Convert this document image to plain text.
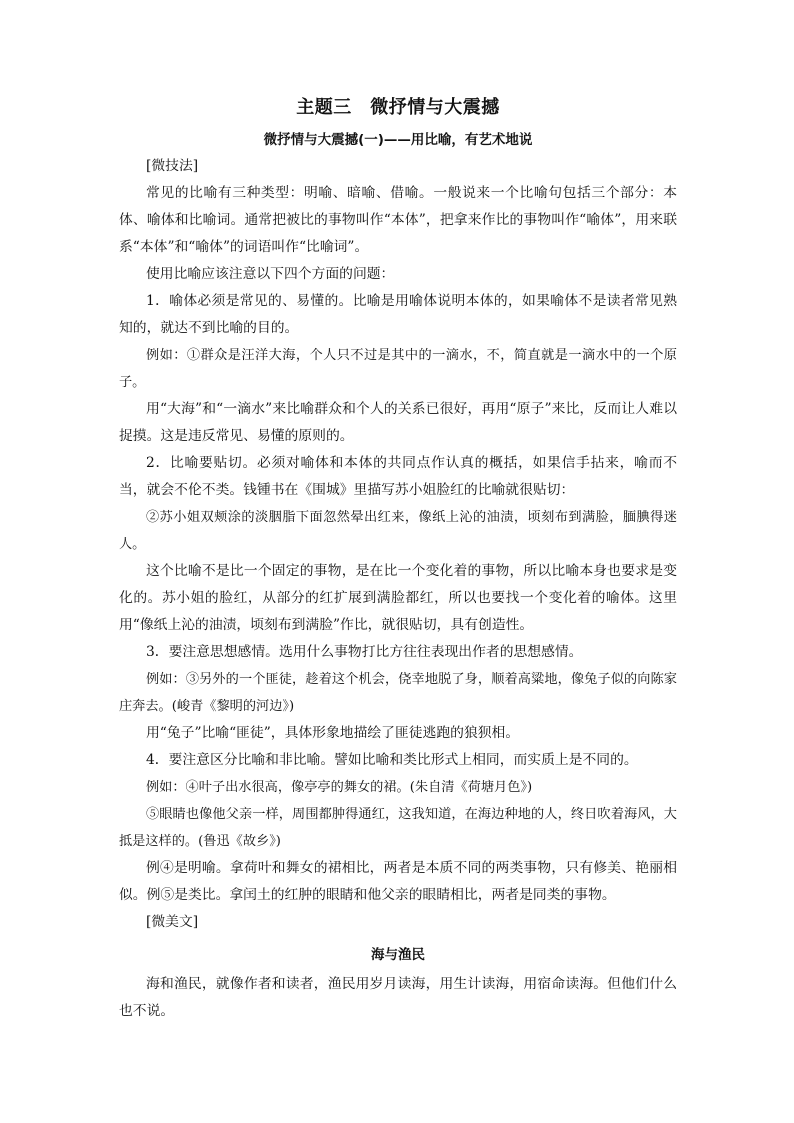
主题三　微抒情与大震撼
微抒情与大震撼(一)——用比喻，有艺术地说

[微技法]

常见的比喻有三种类型：明喻、暗喻、借喻。一般说来一个比喻句包括三个部分：本体、喻体和比喻词。通常把被比的事物叫作“本体”，把拿来作比的事物叫作“喻体”，用来联系“本体”和“喻体”的词语叫作“比喻词”。

使用比喻应该注意以下四个方面的问题：

1．喻体必须是常见的、易懂的。比喻是用喻体说明本体的，如果喻体不是读者常见熟知的，就达不到比喻的目的。

例如：①群众是汪洋大海，个人只不过是其中的一滴水，不，简直就是一滴水中的一个原子。

用“大海”和“一滴水”来比喻群众和个人的关系已很好，再用“原子”来比，反而让人难以捉摸。这是违反常见、易懂的原则的。

2．比喻要贴切。必须对喻体和本体的共同点作认真的概括，如果信手拈来，喻而不当，就会不伦不类。钱锺书在《围城》里描写苏小姐脸红的比喻就很贴切：

②苏小姐双颊涂的淡胭脂下面忽然晕出红来，像纸上沁的油渍，顷刻布到满脸，腼腆得迷人。

这个比喻不是比一个固定的事物，是在比一个变化着的事物，所以比喻本身也要求是变化的。苏小姐的脸红，从部分的红扩展到满脸都红，所以也要找一个变化着的喻体。这里用“像纸上沁的油渍，顷刻布到满脸”作比，就很贴切，具有创造性。

3．要注意思想感情。选用什么事物打比方往往表现出作者的思想感情。

例如：③另外的一个匪徒，趁着这个机会，侥幸地脱了身，顺着高粱地，像兔子似的向陈家庄奔去。(峻青《黎明的河边》)

用“兔子”比喻“匪徒”，具体形象地描绘了匪徒逃跑的狼狈相。

4．要注意区分比喻和非比喻。譬如比喻和类比形式上相同，而实质上是不同的。

例如：④叶子出水很高，像亭亭的舞女的裙。(朱自清《荷塘月色》)

⑤眼睛也像他父亲一样，周围都肿得通红，这我知道，在海边种地的人，终日吹着海风，大抵是这样的。(鲁迅《故乡》)

例④是明喻。拿荷叶和舞女的裙相比，两者是本质不同的两类事物，只有修美、艳丽相似。例⑤是类比。拿闰土的红肿的眼睛和他父亲的眼睛相比，两者是同类的事物。

[微美文]

海与渔民

海和渔民，就像作者和读者，渔民用岁月读海，用生计读海，用宿命读海。但他们什么也不说。
